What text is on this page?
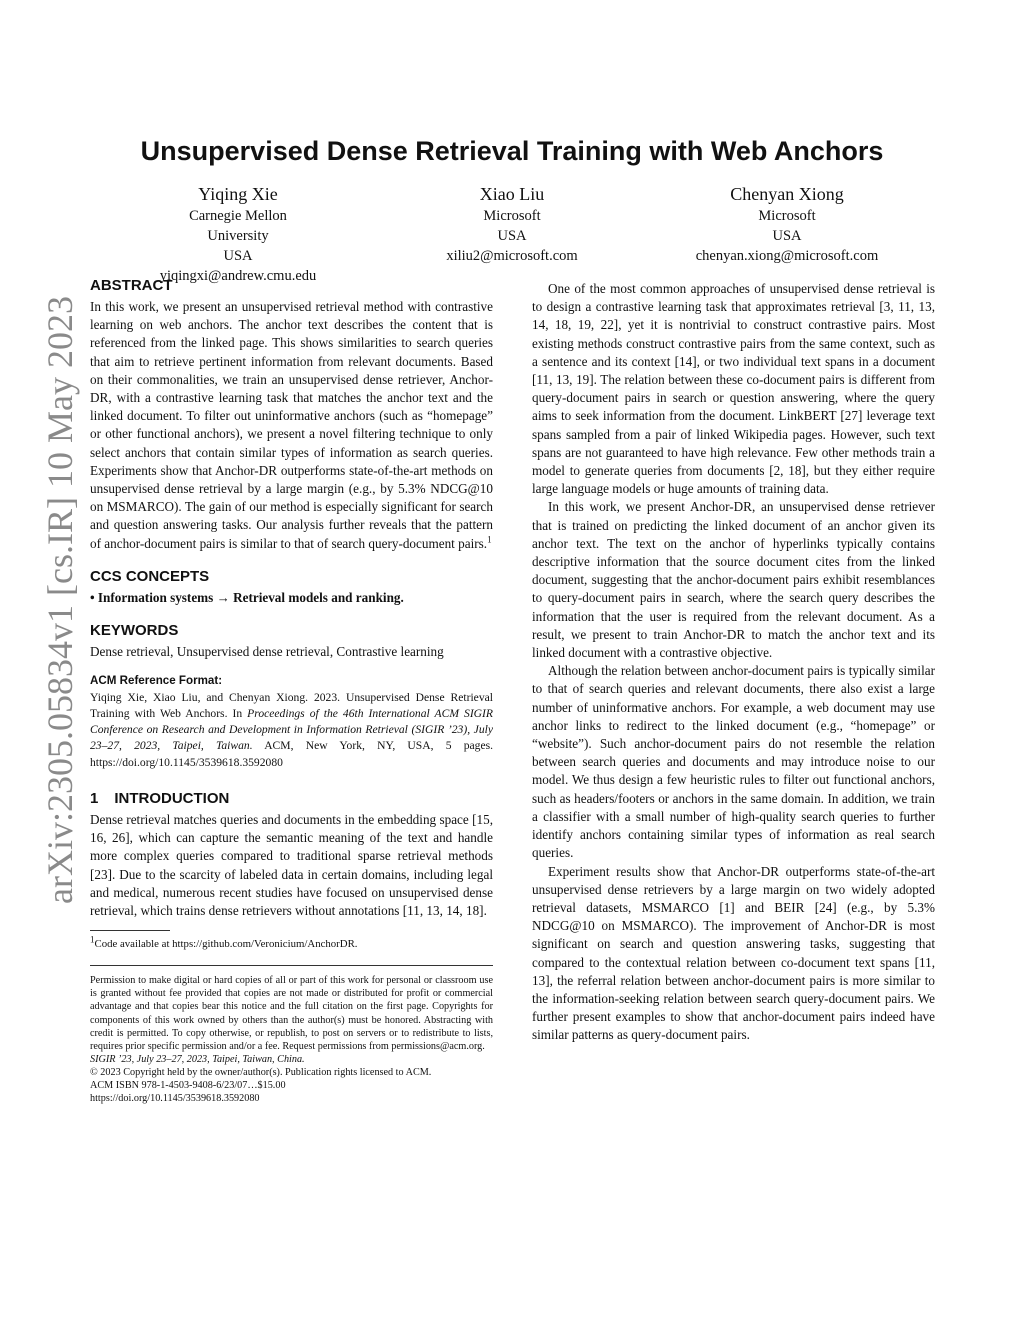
arXiv:2305.05834v1 [cs.IR] 10 May 2023
Unsupervised Dense Retrieval Training with Web Anchors
Yiqing Xie
Carnegie Mellon University
USA
yiqingxi@andrew.cmu.edu
Xiao Liu
Microsoft
USA
xiliu2@microsoft.com
Chenyan Xiong
Microsoft
USA
chenyan.xiong@microsoft.com
ABSTRACT

In this work, we present an unsupervised retrieval method with contrastive learning on web anchors. The anchor text describes the content that is referenced from the linked page. This shows similarities to search queries that aim to retrieve pertinent information from relevant documents. Based on their commonalities, we train an unsupervised dense retriever, Anchor-DR, with a contrastive learning task that matches the anchor text and the linked document. To filter out uninformative anchors (such as “homepage” or other functional anchors), we present a novel filtering technique to only select anchors that contain similar types of information as search queries. Experiments show that Anchor-DR outperforms state-of-the-art methods on unsupervised dense retrieval by a large margin (e.g., by 5.3% NDCG@10 on MSMARCO). The gain of our method is especially significant for search and question answering tasks. Our analysis further reveals that the pattern of anchor-document pairs is similar to that of search query-document pairs.$^1$

CCS CONCEPTS

• Information systems → Retrieval models and ranking.

KEYWORDS

Dense retrieval, Unsupervised dense retrieval, Contrastive learning

ACM Reference Format:

Yiqing Xie, Xiao Liu, and Chenyan Xiong. 2023. Unsupervised Dense Retrieval Training with Web Anchors. In Proceedings of the 46th International ACM SIGIR Conference on Research and Development in Information Retrieval (SIGIR ’23), July 23–27, 2023, Taipei, Taiwan. ACM, New York, NY, USA, 5 pages. https://doi.org/10.1145/3539618.3592080

1 INTRODUCTION

Dense retrieval matches queries and documents in the embedding space [15, 16, 26], which can capture the semantic meaning of the text and handle more complex queries compared to traditional sparse retrieval methods [23]. Due to the scarcity of labeled data in certain domains, including legal and medical, numerous recent studies have focused on unsupervised dense retrieval, which trains dense retrievers without annotations [11, 13, 14, 18].

$^1$Code available at https://github.com/Veronicium/AnchorDR.

Permission to make digital or hard copies of all or part of this work for personal or classroom use is granted without fee provided that copies are not made or distributed for profit or commercial advantage and that copies bear this notice and the full citation on the first page. Copyrights for components of this work owned by others than the author(s) must be honored. Abstracting with credit is permitted. To copy otherwise, or republish, to post on servers or to redistribute to lists, requires prior specific permission and/or a fee. Request permissions from permissions@acm.org.

SIGIR ’23, July 23–27, 2023, Taipei, Taiwan, China.
© 2023 Copyright held by the owner/author(s). Publication rights licensed to ACM.
ACM ISBN 978-1-4503-9408-6/23/07…$15.00
https://doi.org/10.1145/3539618.3592080

One of the most common approaches of unsupervised dense retrieval is to design a contrastive learning task that approximates retrieval [3, 11, 13, 14, 18, 19, 22], yet it is nontrivial to construct contrastive pairs. Most existing methods construct contrastive pairs from the same context, such as a sentence and its context [14], or two individual text spans in a document [11, 13, 19]. The relation between these co-document pairs is different from query-document pairs in search or question answering, where the query aims to seek information from the document. LinkBERT [27] leverage text spans sampled from a pair of linked Wikipedia pages. However, such text spans are not guaranteed to have high relevance. Few other methods train a model to generate queries from documents [2, 18], but they either require large language models or huge amounts of training data.

In this work, we present Anchor-DR, an unsupervised dense retriever that is trained on predicting the linked document of an anchor given its anchor text. The text on the anchor of hyperlinks typically contains descriptive information that the source document cites from the linked document, suggesting that the anchor-document pairs exhibit resemblances to query-document pairs in search, where the search query describes the information that the user is required from the relevant document. As a result, we present to train Anchor-DR to match the anchor text and its linked document with a contrastive objective.

Although the relation between anchor-document pairs is typically similar to that of search queries and relevant documents, there also exist a large number of uninformative anchors. For example, a web document may use anchor links to redirect to the linked document (e.g., “homepage” or “website”). Such anchor-document pairs do not resemble the relation between search queries and documents and may introduce noise to our model. We thus design a few heuristic rules to filter out functional anchors, such as headers/footers or anchors in the same domain. In addition, we train a classifier with a small number of high-quality search queries to further identify anchors containing similar types of information as real search queries.

Experiment results show that Anchor-DR outperforms state-of-the-art unsupervised dense retrievers by a large margin on two widely adopted retrieval datasets, MSMARCO [1] and BEIR [24] (e.g., by 5.3% NDCG@10 on MSMARCO). The improvement of Anchor-DR is most significant on search and question answering tasks, suggesting that compared to the contextual relation between co-document text spans [11, 13], the referral relation between anchor-document pairs is more similar to the information-seeking relation between search query-document pairs. We further present examples to show that anchor-document pairs indeed have similar patterns as query-document pairs.
